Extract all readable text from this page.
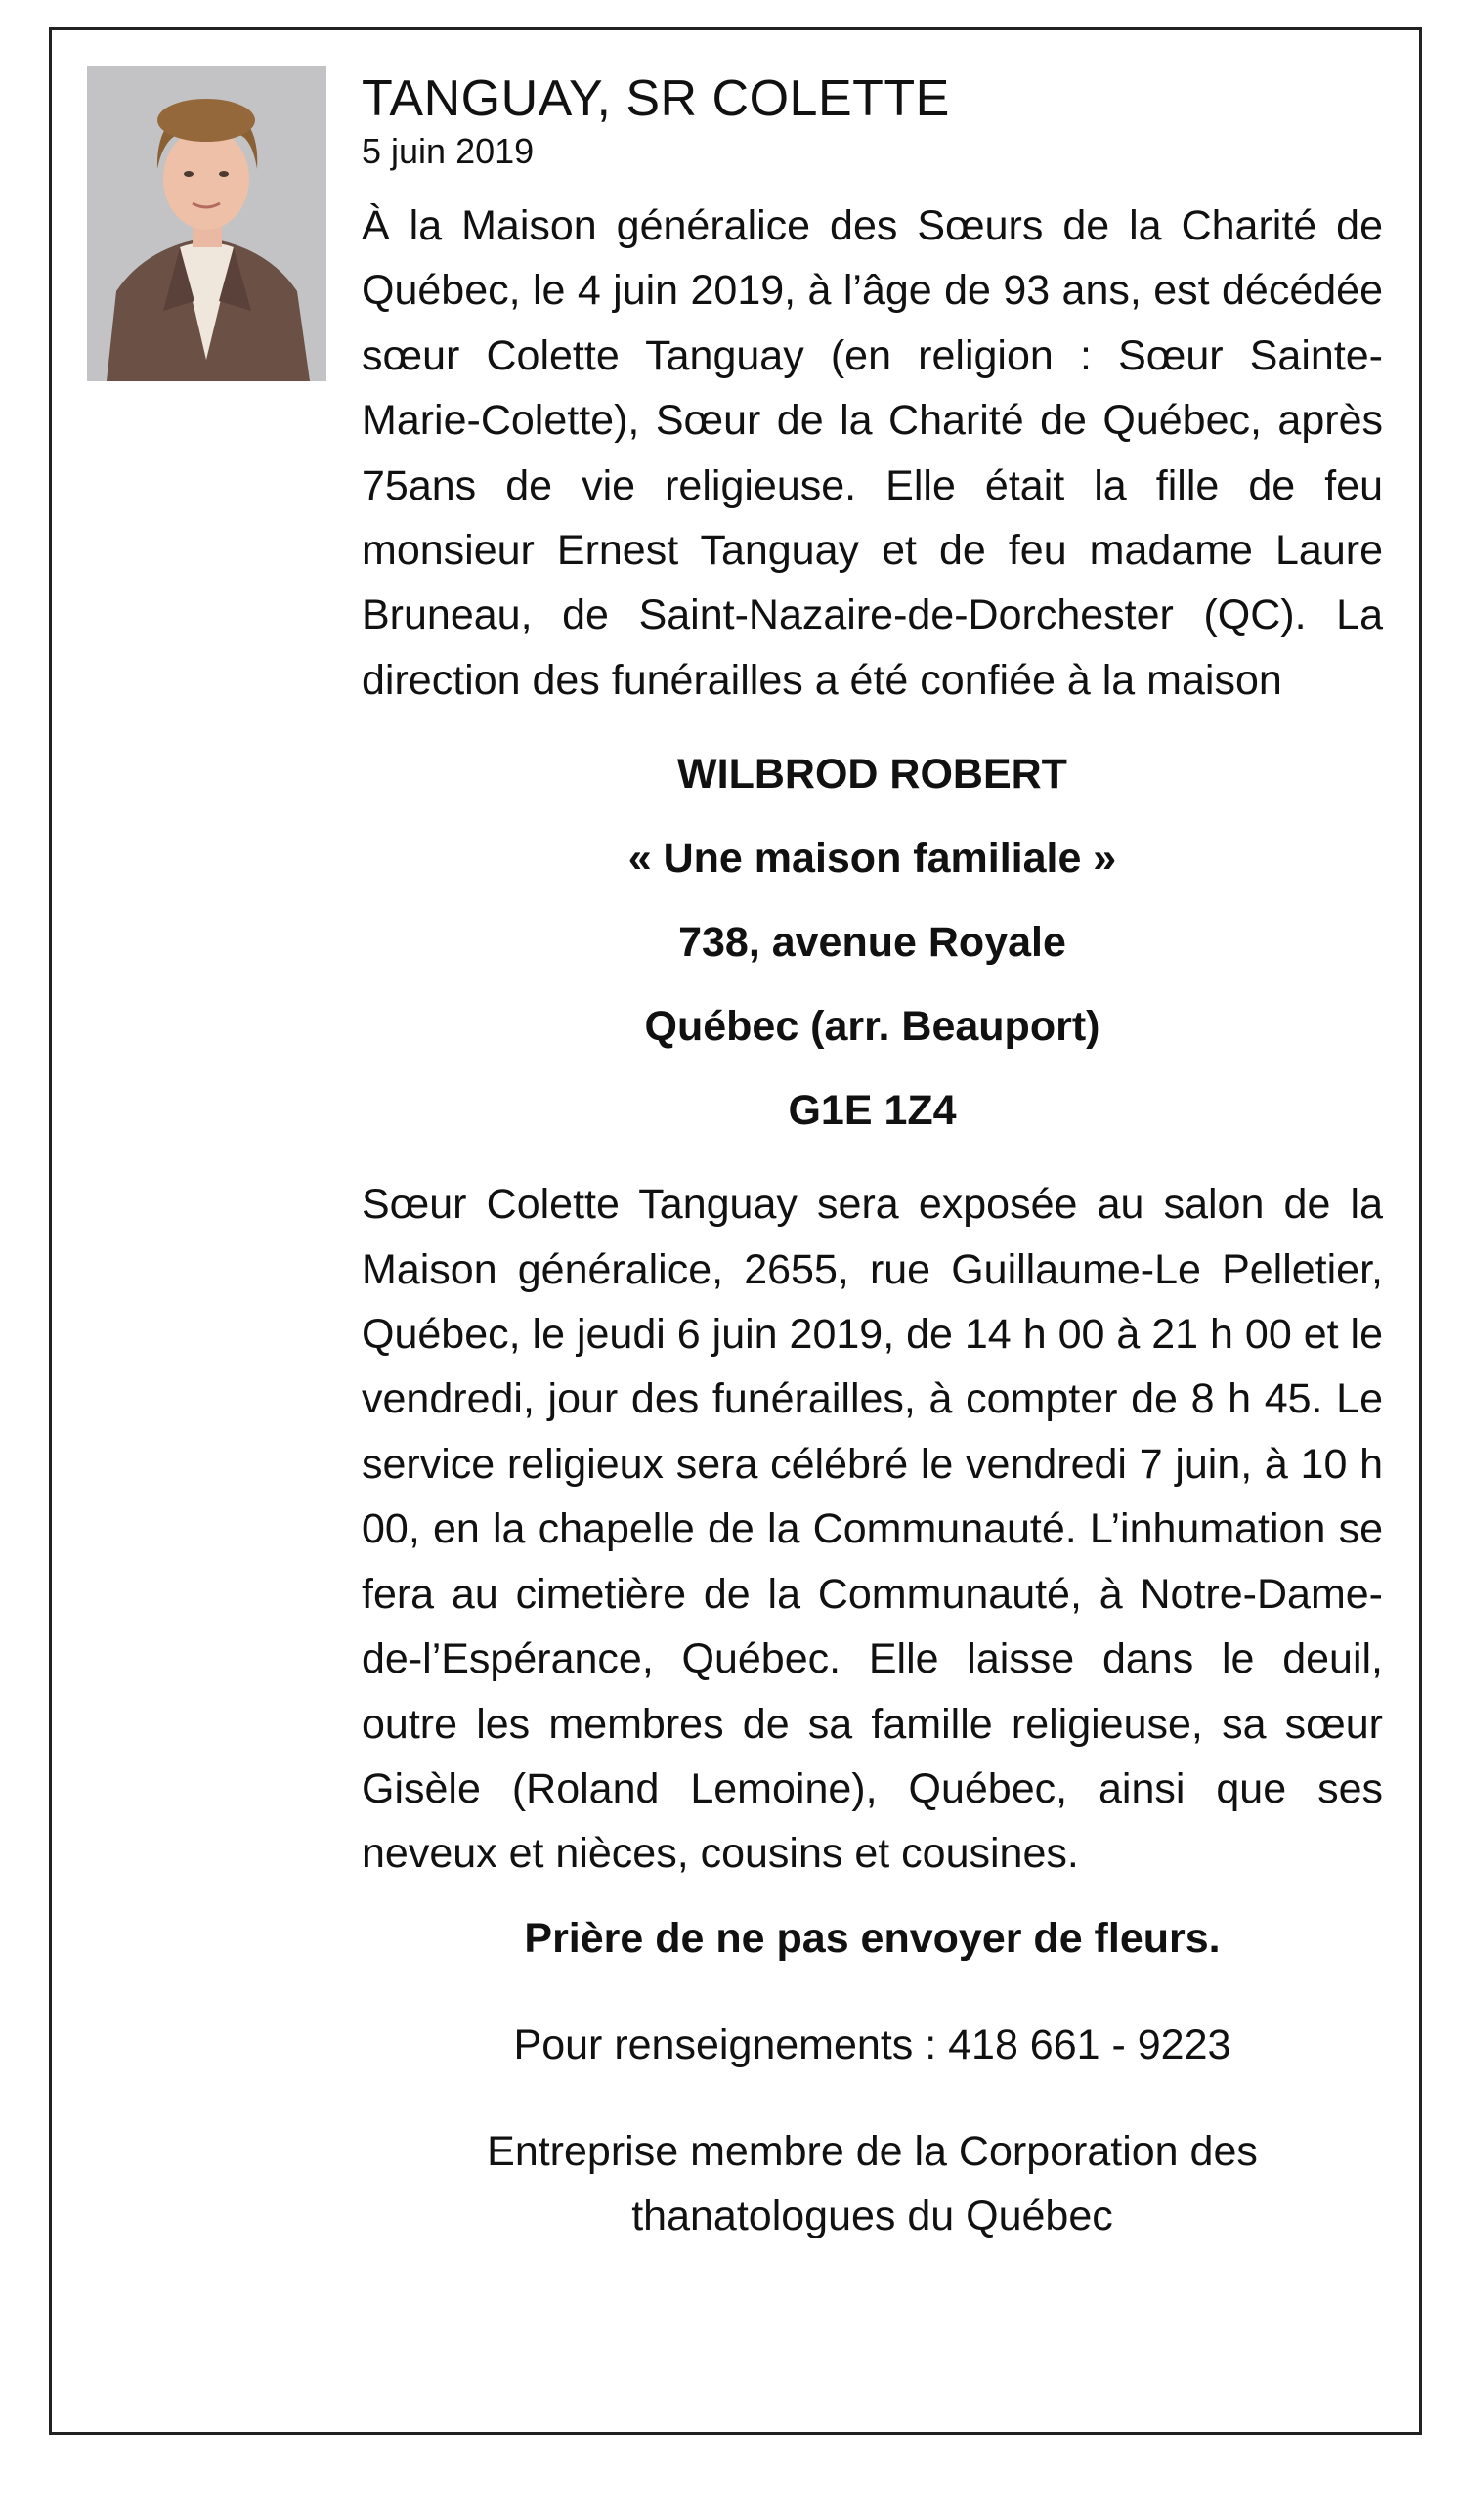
TANGUAY, SR COLETTE

5 juin 2019

À la Maison généralice des Sœurs de la Charité de Québec, le 4 juin 2019, à l’âge de 93 ans, est décédée sœur Colette Tanguay (en religion : Sœur Sainte-Marie-Colette), Sœur de la Charité de Québec, après 75ans de vie religieuse. Elle était la fille de feu monsieur Ernest Tanguay et de feu madame Laure Bruneau, de Saint-Nazaire-de-Dorchester (QC). La direction des funérailles a été confiée à la maison

WILBROD ROBERT
« Une maison familiale »
738, avenue Royale
Québec (arr. Beauport)
G1E 1Z4

Sœur Colette Tanguay sera exposée au salon de la Maison généralice, 2655, rue Guillaume-Le Pelletier, Québec, le jeudi 6 juin 2019, de 14 h 00 à 21 h 00 et le vendredi, jour des funérailles, à compter de 8 h 45. Le service religieux sera célébré le vendredi 7 juin, à 10 h 00, en la chapelle de la Communauté. L’inhumation se fera au cimetière de la Communauté, à Notre-Dame-de-l’Espérance, Québec. Elle laisse dans le deuil, outre les membres de sa famille religieuse, sa sœur Gisèle (Roland Lemoine), Québec, ainsi que ses neveux et nièces, cousins et cousines.

Prière de ne pas envoyer de fleurs.

Pour renseignements : 418 661 - 9223

Entreprise membre de la Corporation des
thanatologues du Québec
